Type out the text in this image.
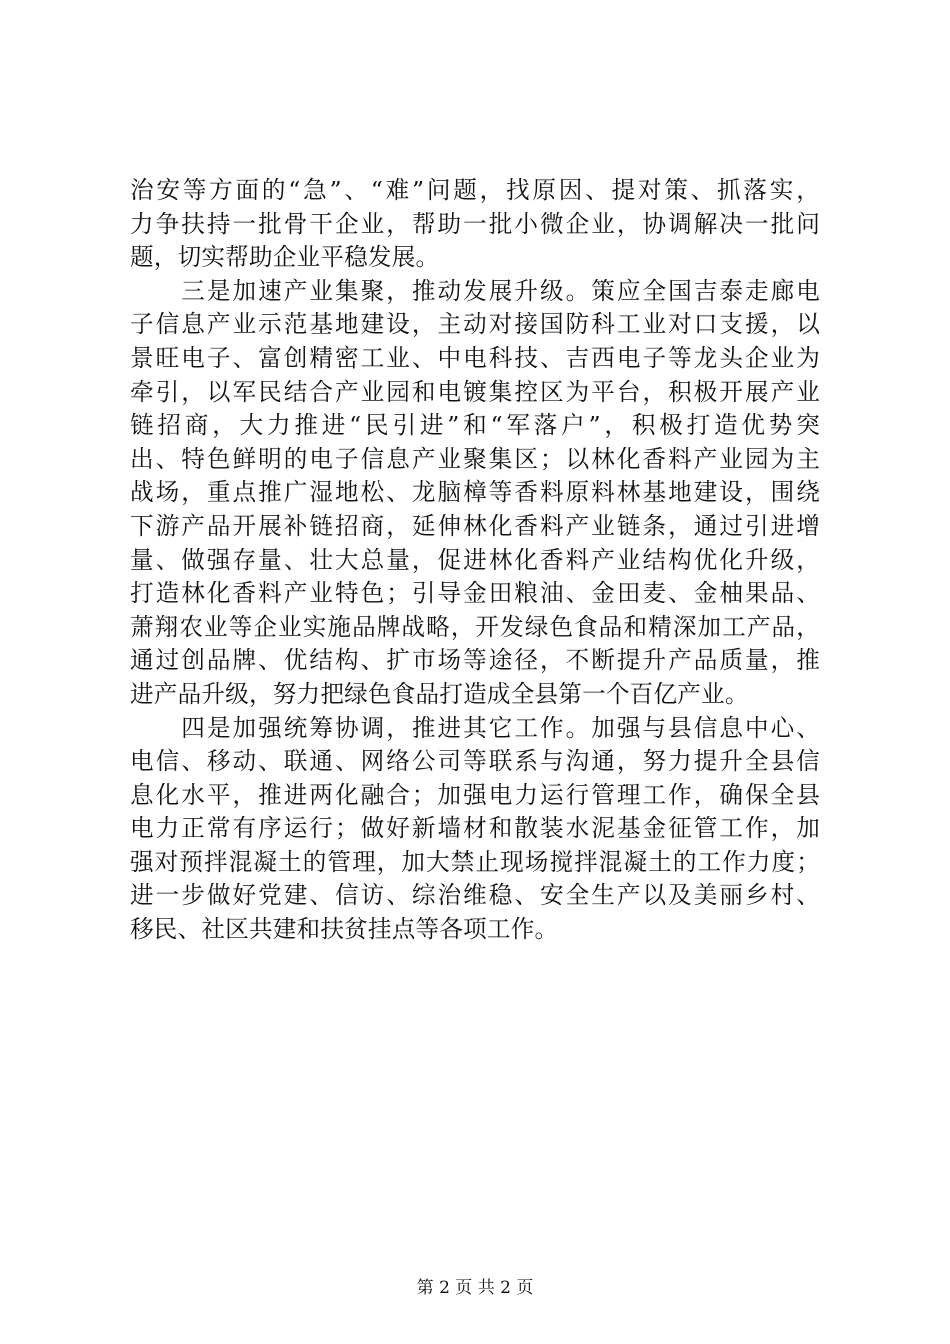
治安等方面的“急”、“难”问题，找原因、提对策、抓落实，
力争扶持一批骨干企业，帮助一批小微企业，协调解决一批问
题，切实帮助企业平稳发展。
　　三是加速产业集聚，推动发展升级。策应全国吉泰走廊电
子信息产业示范基地建设，主动对接国防科工业对口支援，以
景旺电子、富创精密工业、中电科技、吉西电子等龙头企业为
牵引，以军民结合产业园和电镀集控区为平台，积极开展产业
链招商，大力推进“民引进”和“军落户”，积极打造优势突
出、特色鲜明的电子信息产业聚集区；以林化香料产业园为主
战场，重点推广湿地松、龙脑樟等香料原料林基地建设，围绕
下游产品开展补链招商，延伸林化香料产业链条，通过引进增
量、做强存量、壮大总量，促进林化香料产业结构优化升级，
打造林化香料产业特色；引导金田粮油、金田麦、金柚果品、
萧翔农业等企业实施品牌战略，开发绿色食品和精深加工产品，
通过创品牌、优结构、扩市场等途径，不断提升产品质量，推
进产品升级，努力把绿色食品打造成全县第一个百亿产业。
　　四是加强统筹协调，推进其它工作。加强与县信息中心、
电信、移动、联通、网络公司等联系与沟通，努力提升全县信
息化水平，推进两化融合；加强电力运行管理工作，确保全县
电力正常有序运行；做好新墙材和散装水泥基金征管工作，加
强对预拌混凝土的管理，加大禁止现场搅拌混凝土的工作力度；
进一步做好党建、信访、综治维稳、安全生产以及美丽乡村、
移民、社区共建和扶贫挂点等各项工作。
第 2 页 共 2 页
